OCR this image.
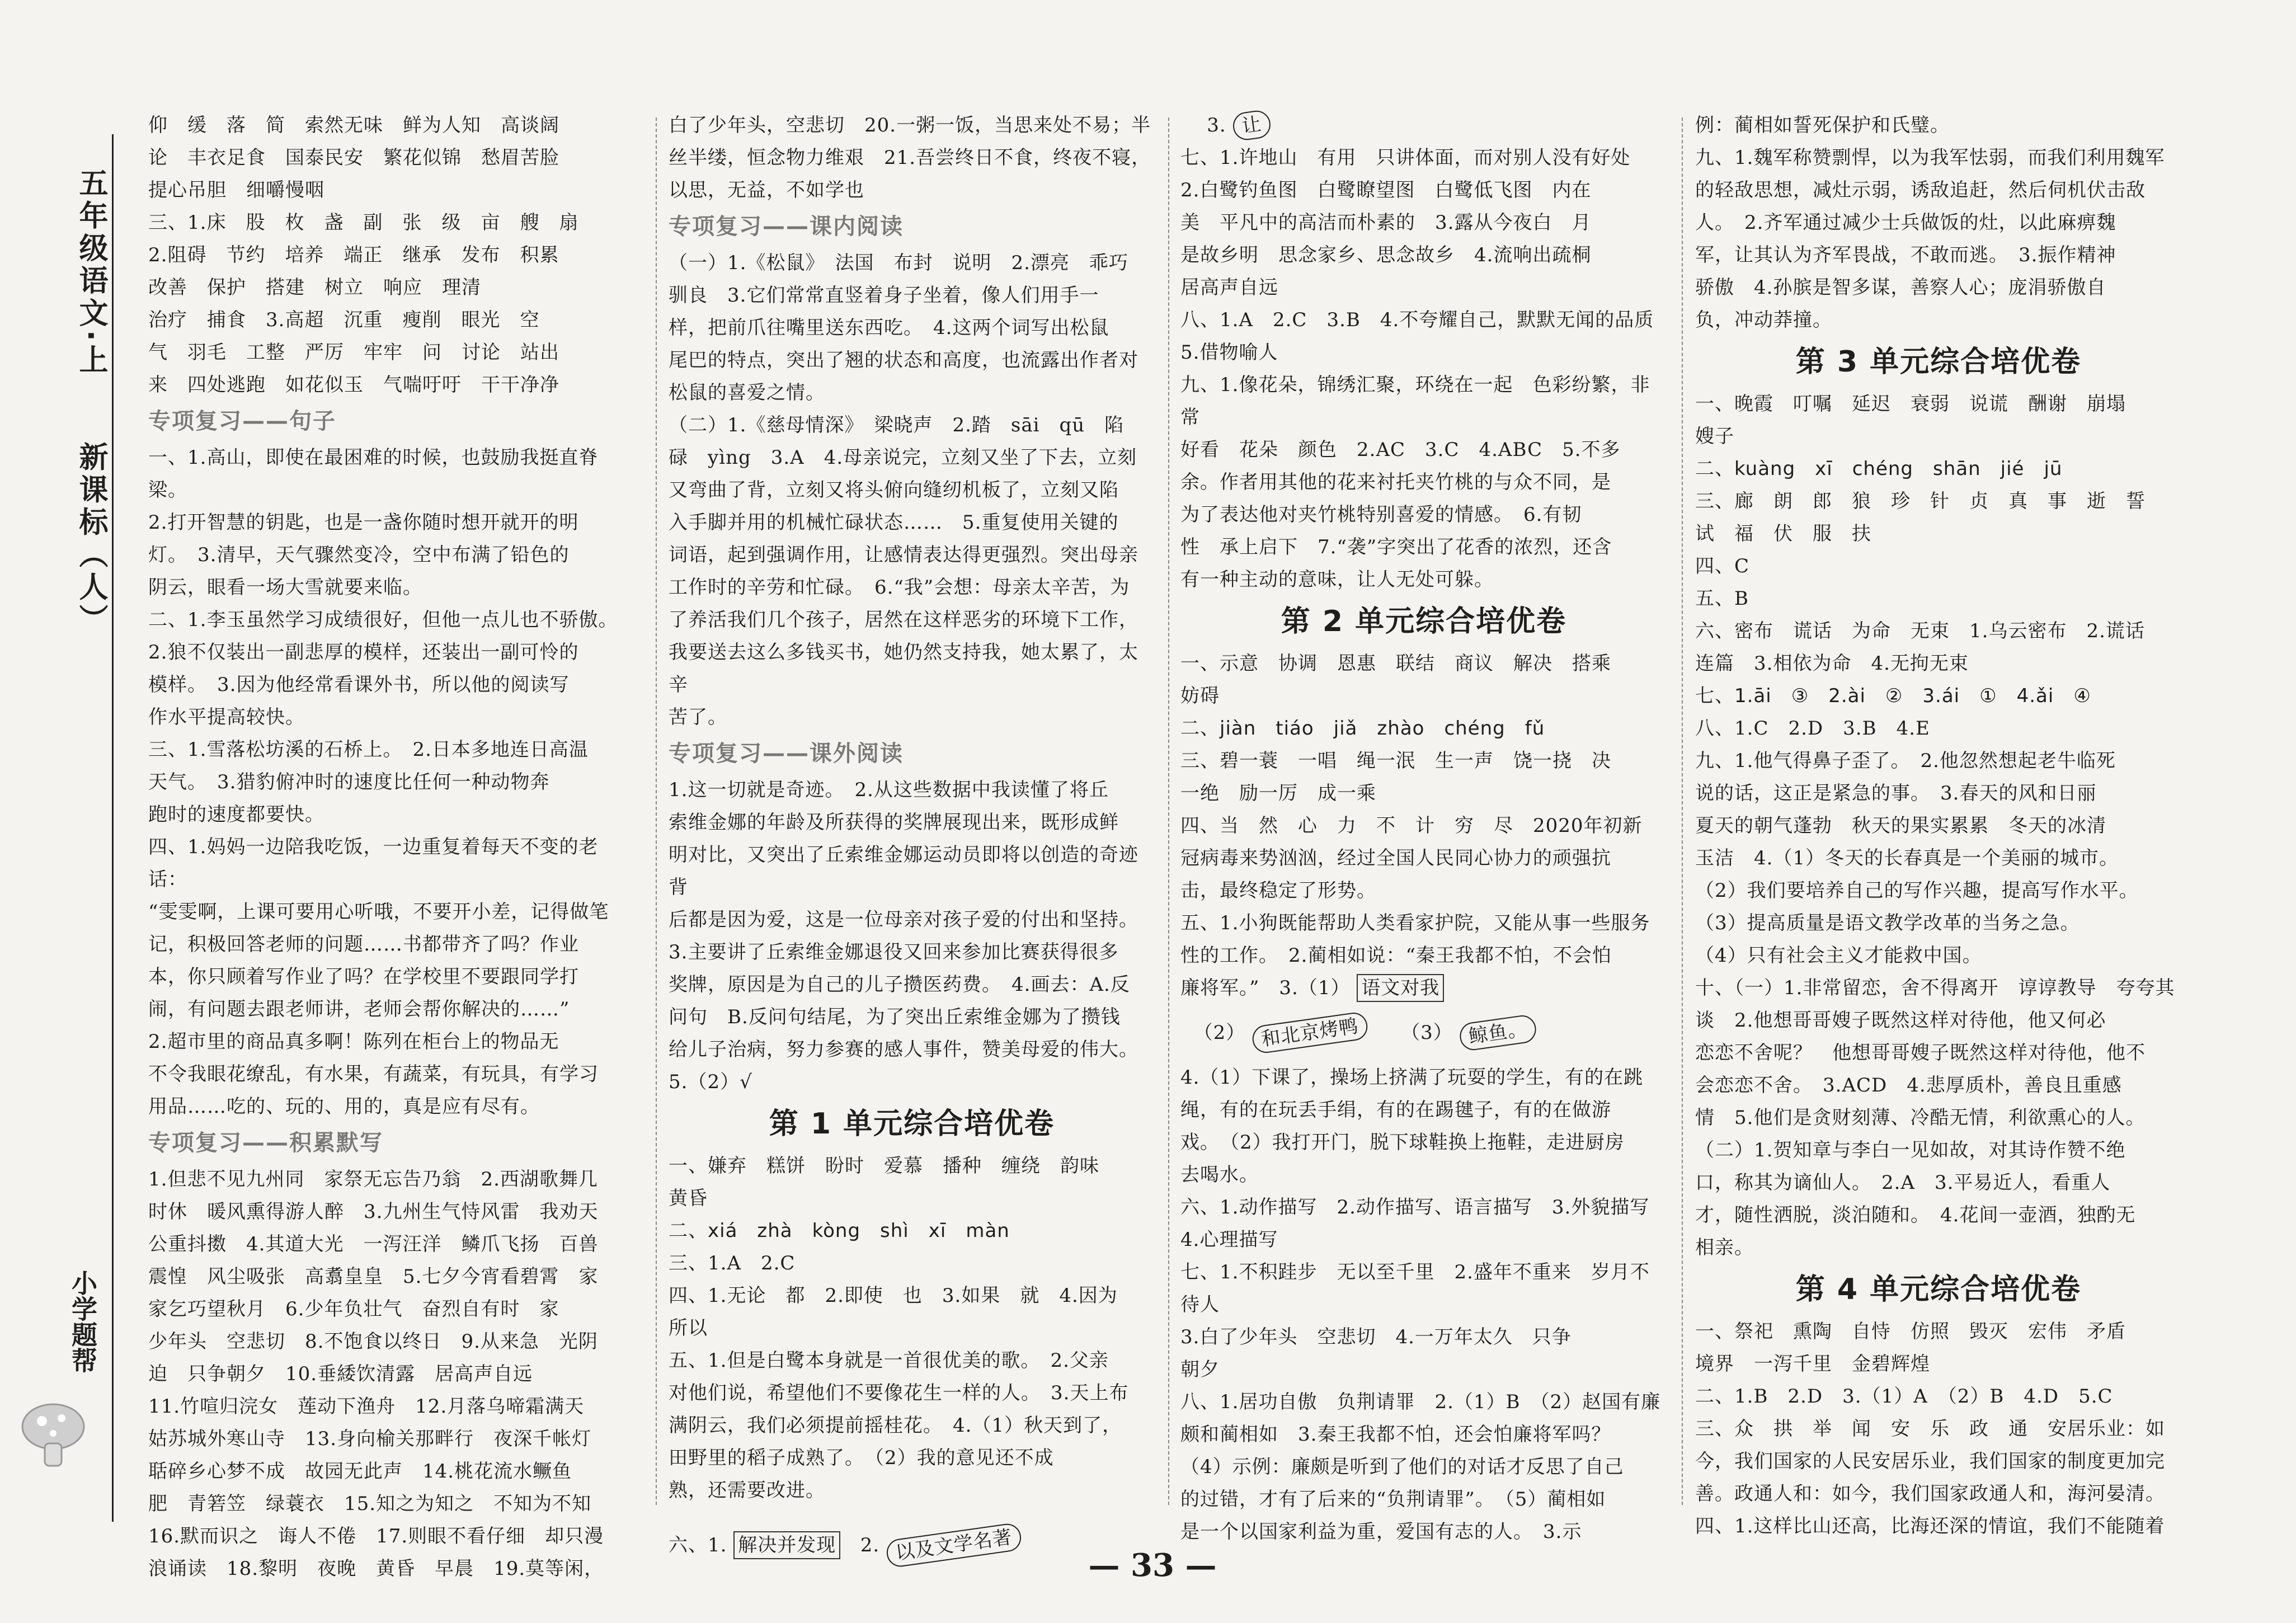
五年级语文·上　　新课标（人）
小学题帮

仰　缓　落　简　索然无味　鲜为人知　高谈阔

论　丰衣足食　国泰民安　繁花似锦　愁眉苦脸

提心吊胆　细嚼慢咽

三、1.床　股　枚　盏　副　张　级　亩　艘　扇

2.阻碍　节约　培养　端正　继承　发布　积累

改善　保护　搭建　树立　响应　理清

治疗　捕食　3.高超　沉重　瘦削　眼光　空

气　羽毛　工整　严厉　牢牢　问　讨论　站出

来　四处逃跑　如花似玉　气喘吁吁　干干净净

专项复习——句子

一、1.高山，即使在最困难的时候，也鼓励我挺直脊梁。

2.打开智慧的钥匙，也是一盏你随时想开就开的明

灯。　3.清早，天气骤然变冷，空中布满了铅色的

阴云，眼看一场大雪就要来临。

二、1.李玉虽然学习成绩很好，但他一点儿也不骄傲。

2.狼不仅装出一副悲厚的模样，还装出一副可怜的

模样。　3.因为他经常看课外书，所以他的阅读写

作水平提高较快。

三、1.雪落松坊溪的石桥上。　2.日本多地连日高温

天气。　3.猎豹俯冲时的速度比任何一种动物奔

跑时的速度都要快。

四、1.妈妈一边陪我吃饭，一边重复着每天不变的老话：

“雯雯啊，上课可要用心听哦，不要开小差，记得做笔

记，积极回答老师的问题……书都带齐了吗？作业

本，你只顾着写作业了吗？在学校里不要跟同学打

闹，有问题去跟老师讲，老师会帮你解决的……”

2.超市里的商品真多啊！陈列在柜台上的物品无

不令我眼花缭乱，有水果，有蔬菜，有玩具，有学习

用品……吃的、玩的、用的，真是应有尽有。

专项复习——积累默写

1.但悲不见九州同　家祭无忘告乃翁　2.西湖歌舞几

时休　暖风熏得游人醉　3.九州生气恃风雷　我劝天

公重抖擞　4.其道大光　一泻汪洋　鳞爪飞扬　百兽

震惶　风尘吸张　高翥皇皇　5.七夕今宵看碧霄　家

家乞巧望秋月　6.少年负壮气　奋烈自有时　家

少年头　空悲切　8.不饱食以终日　9.从来急　光阴

迫　只争朝夕　10.垂緌饮清露　居高声自远

11.竹喧归浣女　莲动下渔舟　12.月落乌啼霜满天

姑苏城外寒山寺　13.身向榆关那畔行　夜深千帐灯

聒碎乡心梦不成　故园无此声　14.桃花流水鳜鱼

肥　青箬笠　绿蓑衣　15.知之为知之　不知为不知

16.默而识之　诲人不倦　17.则眼不看仔细　却只漫

浪诵读　18.黎明　夜晚　黄昏　早晨　19.莫等闲，

白了少年头，空悲切　20.一粥一饭，当思来处不易；半

丝半缕，恒念物力维艰　21.吾尝终日不食，终夜不寝，

以思，无益，不如学也

专项复习——课内阅读

（一）1.《松鼠》　法国　布封　说明　2.漂亮　乖巧

驯良　3.它们常常直竖着身子坐着，像人们用手一

样，把前爪往嘴里送东西吃。　4.这两个词写出松鼠

尾巴的特点，突出了翘的状态和高度，也流露出作者对

松鼠的喜爱之情。

（二）1.《慈母情深》　梁晓声　2.踏　sāi　qū　陷

碌　yìng　3.A　4.母亲说完，立刻又坐了下去，立刻

又弯曲了背，立刻又将头俯向缝纫机板了，立刻又陷

入手脚并用的机械忙碌状态……　5.重复使用关键的

词语，起到强调作用，让感情表达得更强烈。突出母亲

工作时的辛劳和忙碌。　6.“我”会想：母亲太辛苦，为

了养活我们几个孩子，居然在这样恶劣的环境下工作，

我要送去这么多钱买书，她仍然支持我，她太累了，太辛

苦了。

专项复习——课外阅读

1.这一切就是奇迹。　2.从这些数据中我读懂了将丘

索维金娜的年龄及所获得的奖牌展现出来，既形成鲜

明对比，又突出了丘索维金娜运动员即将以创造的奇迹背

后都是因为爱，这是一位母亲对孩子爱的付出和坚持。

3.主要讲了丘索维金娜退役又回来参加比赛获得很多

奖牌，原因是为自己的儿子攒医药费。　4.画去：A.反

问句　B.反问句结尾，为了突出丘索维金娜为了攒钱

给儿子治病，努力参赛的感人事件，赞美母爱的伟大。

5.（2）√

第 1 单元综合培优卷

一、嫌弃　糕饼　盼时　爱慕　播种　缠绕　韵味

黄昏

二、xiá　zhà　kòng　shì　xī　màn

三、1.A　2.C

四、1.无论　都　2.即使　也　3.如果　就　4.因为

所以

五、1.但是白鹭本身就是一首很优美的歌。　2.父亲

对他们说，希望他们不要像花生一样的人。　3.天上布

满阴云，我们必须提前摇桂花。　4.（1）秋天到了，

田野里的稻子成熟了。　（2）我的意见还不成

熟，还需要改进。

六、1. 解决并发现 2. 以及文学名著

3. 让

七、1.许地山　有用　只讲体面，而对别人没有好处

2.白鹭钓鱼图　白鹭瞭望图　白鹭低飞图　内在

美　平凡中的高洁而朴素的　3.露从今夜白　月

是故乡明　思念家乡、思念故乡　4.流响出疏桐

居高声自远

八、1.A　2.C　3.B　4.不夸耀自己，默默无闻的品质

5.借物喻人

九、1.像花朵，锦绣汇聚，环绕在一起　色彩纷繁，非常

好看　花朵　颜色　2.AC　3.C　4.ABC　5.不多

余。作者用其他的花来衬托夹竹桃的与众不同，是

为了表达他对夹竹桃特别喜爱的情感。　6.有韧

性　承上启下　7.“袭”字突出了花香的浓烈，还含

有一种主动的意味，让人无处可躲。

第 2 单元综合培优卷

一、示意　协调　恩惠　联结　商议　解决　搭乘

妨碍

二、jiàn　tiáo　jiǎ　zhào　chéng　fǔ

三、碧一蓑　一唱　绳一泯　生一声　饶一挠　决

一绝　励一厉　成一乘

四、当　然　心　力　不　计　穷　尽　2020年初新

冠病毒来势汹汹，经过全国人民同心协力的顽强抗

击，最终稳定了形势。

五、1.小狗既能帮助人类看家护院，又能从事一些服务

性的工作。　2.蔺相如说：“秦王我都不怕，不会怕

廉将军。”　3.（1） 语文对我

（2） 和北京烤鸭 （3） 鲸鱼。

4.（1）下课了，操场上挤满了玩耍的学生，有的在跳

绳，有的在玩丢手绢，有的在踢毽子，有的在做游

戏。　（2）我打开门，脱下球鞋换上拖鞋，走进厨房

去喝水。

六、1.动作描写　2.动作描写、语言描写　3.外貌描写

4.心理描写

七、1.不积跬步　无以至千里　2.盛年不重来　岁月不待人

3.白了少年头　空悲切　4.一万年太久　只争

朝夕

八、1.居功自傲　负荆请罪　2.（1）B　（2）赵国有廉

颇和蔺相如　3.秦王我都不怕，还会怕廉将军吗？

（4）示例：廉颇是听到了他们的对话才反思了自己

的过错，才有了后来的“负荆请罪”。　（5）蔺相如

是一个以国家利益为重，爱国有志的人。　3.示

例：蔺相如誓死保护和氏璧。

九、1.魏军称赞剽悍，以为我军怯弱，而我们利用魏军

的轻敌思想，减灶示弱，诱敌追赶，然后伺机伏击敌

人。　2.齐军通过减少士兵做饭的灶，以此麻痹魏

军，让其认为齐军畏战，不敢而逃。　3.振作精神

骄傲　4.孙膑是智多谋，善察人心；庞涓骄傲自

负，冲动莽撞。

第 3 单元综合培优卷

一、晚霞　叮嘱　延迟　衰弱　说谎　酬谢　崩塌

嫂子

二、kuàng　xī　chéng　shān　jié　jū

三、廊　朗　郎　狼　珍　针　贞　真　事　逝　誓

试　福　伏　服　扶

四、C

五、B

六、密布　谎话　为命　无束　1.乌云密布　2.谎话

连篇　3.相依为命　4.无拘无束

七、1.āi　③　2.ài　②　3.ái　①　4.ǎi　④

八、1.C　2.D　3.B　4.E

九、1.他气得鼻子歪了。　2.他忽然想起老牛临死

说的话，这正是紧急的事。　3.春天的风和日丽

夏天的朝气蓬勃　秋天的果实累累　冬天的冰清

玉洁　4.（1）冬天的长春真是一个美丽的城市。

（2）我们要培养自己的写作兴趣，提高写作水平。

（3）提高质量是语文教学改革的当务之急。

（4）只有社会主义才能救中国。

十、（一）1.非常留恋，舍不得离开　谆谆教导　夸夸其

谈　2.他想哥哥嫂子既然这样对待他，他又何必

恋恋不舍呢？　他想哥哥嫂子既然这样对待他，他不

会恋恋不舍。　3.ACD　4.悲厚质朴，善良且重感

情　5.他们是贪财刻薄、冷酷无情，利欲熏心的人。

（二）1.贺知章与李白一见如故，对其诗作赞不绝

口，称其为谪仙人。　2.A　3.平易近人，看重人

才，随性洒脱，淡泊随和。　4.花间一壶酒，独酌无

相亲。

第 4 单元综合培优卷

一、祭祀　熏陶　自恃　仿照　毁灭　宏伟　矛盾

境界　一泻千里　金碧辉煌

二、1.B　2.D　3.（1）A　（2）B　4.D　5.C

三、众　拱　举　闻　安　乐　政　通　安居乐业：如

今，我们国家的人民安居乐业，我们国家的制度更加完

善。政通人和：如今，我们国家政通人和，海河晏清。

四、1.这样比山还高，比海还深的情谊，我们不能随着

— 33 —
